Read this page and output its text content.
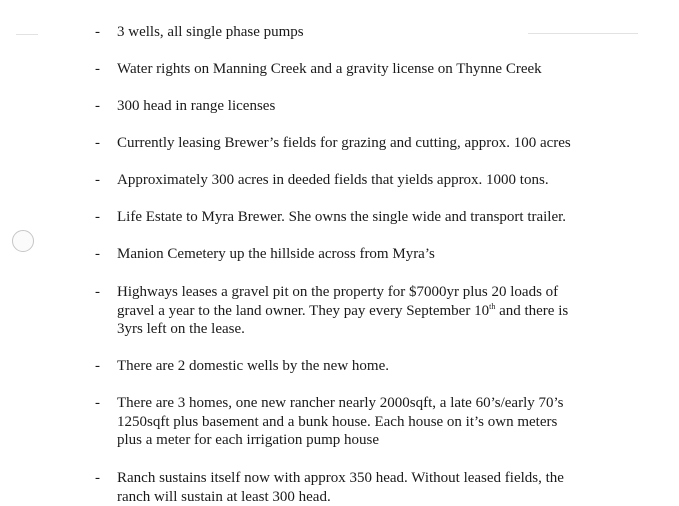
- 3 wells, all single phase pumps
- Water rights on Manning Creek and a gravity license on Thynne Creek
- 300 head in range licenses
- Currently leasing Brewer’s fields for grazing and cutting, approx. 100 acres
- Approximately 300 acres in deeded fields that yields approx. 1000 tons.
- Life Estate to Myra Brewer. She owns the single wide and transport trailer.
- Manion Cemetery up the hillside across from Myra’s
- Highways leases a gravel pit on the property for $7000yr plus 20 loads of
gravel a year to the land owner. They pay every September 10th and there is
3yrs left on the lease.
- There are 2 domestic wells by the new home.
- There are 3 homes, one new rancher nearly 2000sqft, a late 60’s/early 70’s
1250sqft plus basement and a bunk house. Each house on it’s own meters
plus a meter for each irrigation pump house
- Ranch sustains itself now with approx 350 head. Without leased fields, the
ranch will sustain at least 300 head.
